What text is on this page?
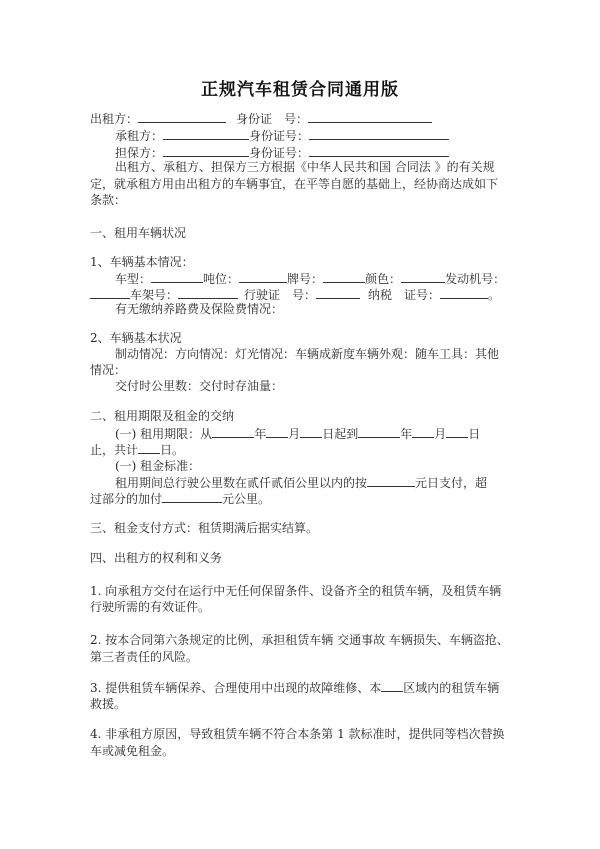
正规汽车租赁合同通用版
出租方：	身份证　号：
承租方：	身份证号：
担保方：	身份证号：
出租方、承租方、担保方三方根据《中华人民共和国 合同法 》的有关规
定，就承租方用由出租方的车辆事宜，在平等自愿的基础上，经协商达成如下
条款：
一、租用车辆状况
1、车辆基本情况：
车型：	吨位：	牌号：	颜色：	发动机号：
车架号：	行驶证　号：	纳税　证号：	。
有无缴纳养路费及保险费情况：
2、车辆基本状况
制动情况：方向情况：灯光情况：车辆成新度车辆外观：随车工具：其他
情况：
交付时公里数：交付时存油量：
二、租用期限及租金的交纳
(一) 租用期限：从	年 月 日起到	年 月 日
止，共计 日。
(一) 租金标准：
租用期间总行驶公里数在贰仟贰佰公里以内的按	元日支付，超
过部分的加付	元公里。
三、租金支付方式：租赁期满后据实结算。
四、出租方的权利和义务
1. 向承租方交付在运行中无任何保留条件、设备齐全的租赁车辆，及租赁车辆
行驶所需的有效证件。
2. 按本合同第六条规定的比例，承担租赁车辆 交通事故 车辆损失、车辆盗抢、
第三者责任的风险。
3. 提供租赁车辆保养、合理使用中出现的故障维修、本 区域内的租赁车辆
救援。
4. 非承租方原因，导致租赁车辆不符合本条第 1 款标准时，提供同等档次替换
车或减免租金。
